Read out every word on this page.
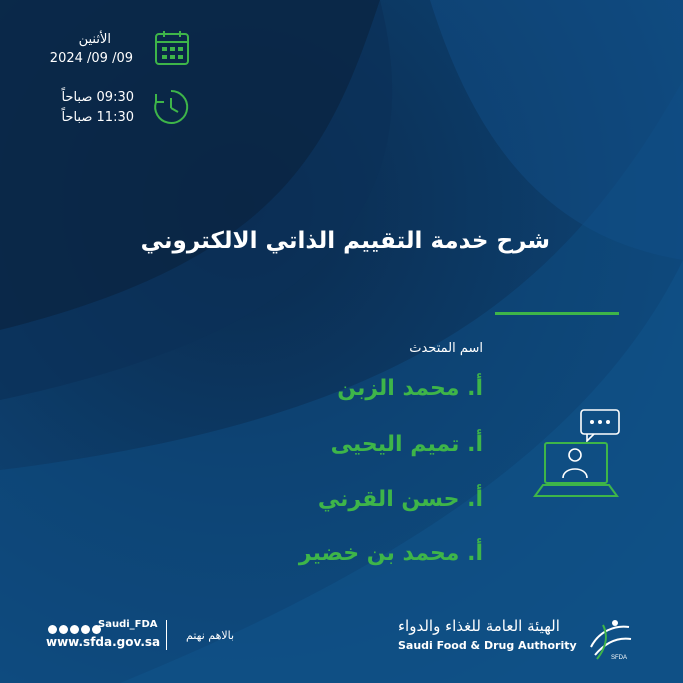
الأثنين
2024 /09 /09
09:30 صباحاً
11:30 صباحاً
شرح خدمة التقييم الذاتي الالكتروني
اسم المتحدث
أ. محمد الزبن
أ. تميم اليحيى
أ. حسن القرني
أ. محمد بن خضير
Saudi_FDA
www.sfda.gov.sa بالاهم نهتم
الهيئة العامة للغذاء والدواء
Saudi Food & Drug Authority
SFDA
